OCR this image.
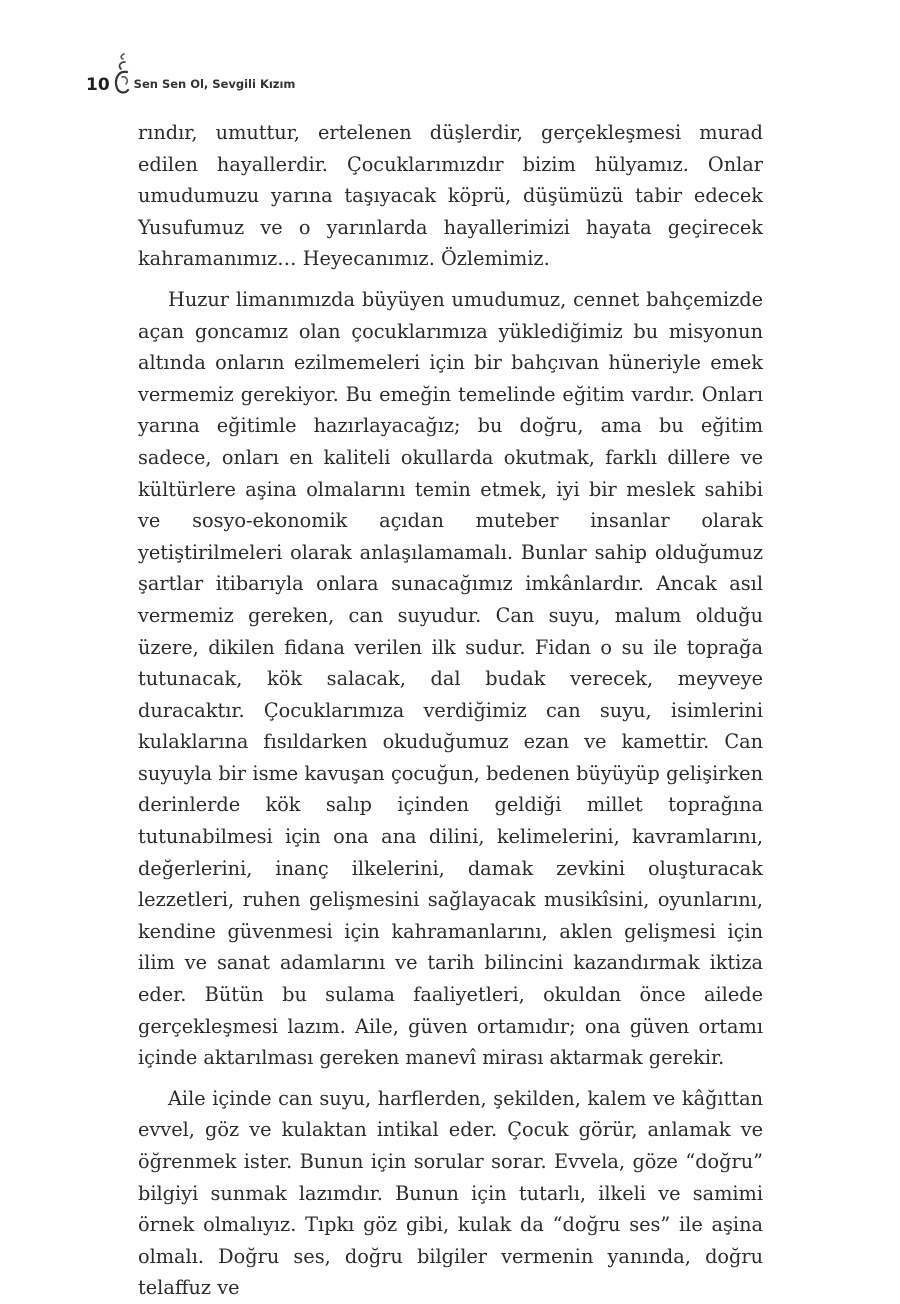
10 Sen Sen Ol, Sevgili Kızım

rındır, umuttur, ertelenen düşlerdir, gerçekleşmesi murad edilen hayallerdir. Çocuklarımızdır bizim hülyamız. Onlar umudumuzu yarına taşıyacak köprü, düşümüzü tabir edecek Yusufumuz ve o yarınlarda hayallerimizi hayata geçirecek kahramanımız… Heyecanımız. Özlemimiz.

Huzur limanımızda büyüyen umudumuz, cennet bahçemizde açan goncamız olan çocuklarımıza yüklediğimiz bu misyonun altında onların ezilmemeleri için bir bahçıvan hüneriyle emek vermemiz gerekiyor. Bu emeğin temelinde eğitim vardır. Onları yarına eğitimle hazırlayacağız; bu doğru, ama bu eğitim sadece, onları en kaliteli okullarda okutmak, farklı dillere ve kültürlere aşina olmalarını temin etmek, iyi bir meslek sahibi ve sosyo-ekonomik açıdan muteber insanlar olarak yetiştirilmeleri olarak anlaşılamamalı. Bunlar sahip olduğumuz şartlar itibarıyla onlara sunacağımız imkânlardır. Ancak asıl vermemiz gereken, can suyudur. Can suyu, malum olduğu üzere, dikilen fidana verilen ilk sudur. Fidan o su ile toprağa tutunacak, kök salacak, dal budak verecek, meyveye duracaktır. Çocuklarımıza verdiğimiz can suyu, isimlerini kulaklarına fısıldarken okuduğumuz ezan ve kamettir. Can suyuyla bir isme kavuşan çocuğun, bedenen büyüyüp gelişirken derinlerde kök salıp içinden geldiği millet toprağına tutunabilmesi için ona ana dilini, kelimelerini, kavramlarını, değerlerini, inanç ilkelerini, damak zevkini oluşturacak lezzetleri, ruhen gelişmesini sağlayacak musikîsini, oyunlarını, kendine güvenmesi için kahramanlarını, aklen gelişmesi için ilim ve sanat adamlarını ve tarih bilincini kazandırmak iktiza eder. Bütün bu sulama faaliyetleri, okuldan önce ailede gerçekleşmesi lazım. Aile, güven ortamıdır; ona güven ortamı içinde aktarılması gereken manevî mirası aktarmak gerekir.

Aile içinde can suyu, harflerden, şekilden, kalem ve kâğıttan evvel, göz ve kulaktan intikal eder. Çocuk görür, anlamak ve öğrenmek ister. Bunun için sorular sorar. Evvela, göze “doğru” bilgiyi sunmak lazımdır. Bunun için tutarlı, ilkeli ve samimi örnek olmalıyız. Tıpkı göz gibi, kulak da “doğru ses” ile aşina olmalı. Doğru ses, doğru bilgiler vermenin yanında, doğru telaffuz ve
